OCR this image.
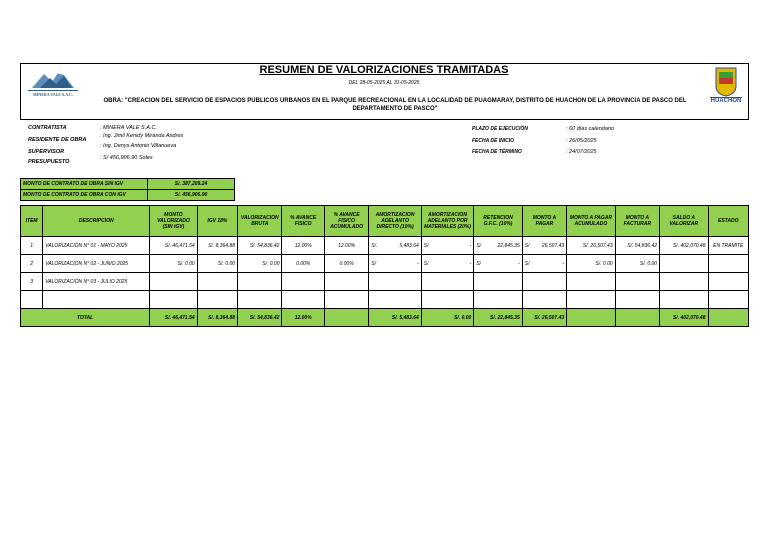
MINERA VALE S.A.C.
HUACHON
RESUMEN DE VALORIZACIONES TRAMITADAS
DEL 28-05-2025 AL 31-05-2025
OBRA: "CREACION DEL SERVICIO DE ESPACIOS PUBLICOS URBANOS EN EL PARQUE RECREACIONAL EN LA LOCALIDAD DE PUAGMARAY, DISTRITO DE HUACHON DE LA PROVINCIA DE PASCO DEL DEPARTAMENTO DE PASCO"
CONTRATISTA	: MINERA VALE S.A.C.
RESIDENTE DE OBRA
: Ing. Jimil Kenidy Miranda Andres
SUPERVISOR
: Ing. Denys Antonio Villanueva
PRESUPUESTO
: S/ 456,906.90 Soles
PLAZO DE EJECUCIÓN	: 60 días calendario
FECHA DE INICIO	: 26/05/2025
FECHA DE TÉRMINO	: 24/07/2025
MONTO DE CONTRATO DE OBRA SIN IGV	S/. 387,209.24
MONTO DE CONTRATO DE OBRA CON IGV	S/. 456,906.90
ITEM	DESCRIPCION	MONTO VALORIZADO (SIN IGV)	IGV 18%	VALORIZACION BRUTA	% AVANCE FISICO	% AVANCE FISICO ACUMULADO	AMORTIZACION ADELANTO DIRECTO (10%)	AMORTIZACION ADELANTO POR MATERIALES (20%)	RETENCION G.F.C. (10%)	MONTO A PAGAR	MONTO A PAGAR ACUMULADO	MONTO A FACTURAR	SALDO A VALORIZAR	ESTADO
1	VALORIZACIÓN N° 01 - MAYO 2025	S/. 46,471.54	S/. 8,364.88	S/. 54,836.42	12.00%	12.00%	S/. 5,483.64	S/ -	S/ 22,845.35	S/ 26,507.43	S/. 26,507.43	S/. 54,836.42	S/. 402,070.48	EN TRAMITE
2	VALORIZACIÓN N° 02 - JUNIO 2025	S/. 0.00	S/. 0.00	S/. 0.00	0.00%	0.00%	S/ -	S/ -	S/ -	S/ -	S/. 0.00	S/. 0.00		
3	VALORIZACIÓN N° 03 - JULIO 2025													

TOTAL		S/. 46,471.54	S/. 8,364.88	S/. 54,836.42	12.00%		S/. 5,483.64	S/. 0.00	S/. 22,845.35	S/. 26,507.43			S/. 402,070.48	
